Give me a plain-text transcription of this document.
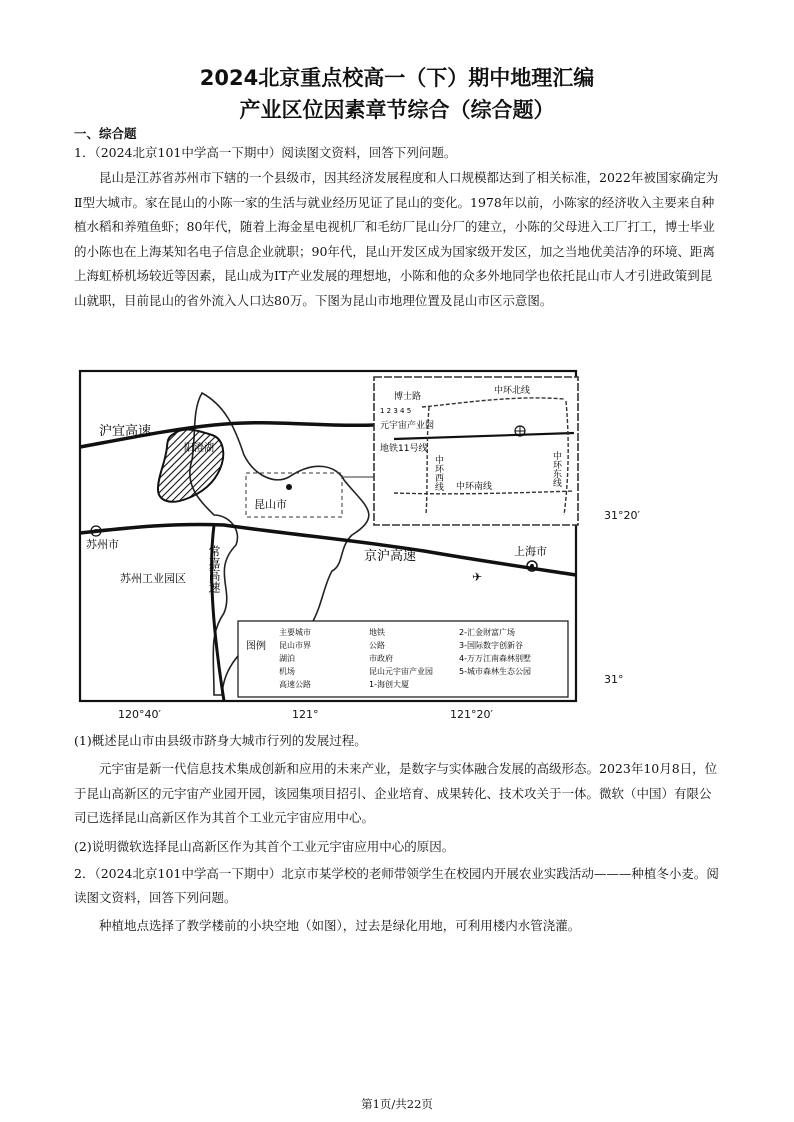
2024北京重点校高一（下）期中地理汇编
产业区位因素章节综合（综合题）
一、综合题
1．（2024北京101中学高一下期中）阅读图文资料，回答下列问题。
昆山是江苏省苏州市下辖的一个县级市，因其经济发展程度和人口规模都达到了相关标准，2022年被国家确定为Ⅱ型大城市。家在昆山的小陈一家的生活与就业经历见证了昆山的变化。1978年以前，小陈家的经济收入主要来自种植水稻和养殖鱼虾；80年代，随着上海金星电视机厂和毛纺厂昆山分厂的建立，小陈的父母进入工厂打工，博士毕业的小陈也在上海某知名电子信息企业就职；90年代，昆山开发区成为国家级开发区，加之当地优美洁净的环境、距离上海虹桥机场较近等因素，昆山成为IT产业发展的理想地，小陈和他的众多外地同学也依托昆山市人才引进政策到昆山就职，目前昆山的省外流入人口达80万。下图为昆山市地理位置及昆山市区示意图。
✈
沪宜高速
阳澄湖
昆山市
苏州市
苏州工业园区 常嘉高速	京沪高速	上海市
博士路
元宇宙产业园
地铁11号线
中环北线
中环南线
中环西线	中环东线
1 2 3 4 5
图例
主要城市
昆山市界
湖泊
机场
高速公路
地铁
公路
市政府
昆山元宇宙产业园
1-海创大厦
2-汇金财富广场
3-国际数字创新谷
4-万万江南森林别墅
5-城市森林生态公园
31°20′
31°
120°40′	121°	121°20′
(1)概述昆山市由县级市跻身大城市行列的发展过程。
元宇宙是新一代信息技术集成创新和应用的未来产业，是数字与实体融合发展的高级形态。2023年10月8日，位于昆山高新区的元宇宙产业园开园，该园集项目招引、企业培育、成果转化、技术攻关于一体。微软（中国）有限公司已选择昆山高新区作为其首个工业元宇宙应用中心。
(2)说明微软选择昆山高新区作为其首个工业元宇宙应用中心的原因。
2．（2024北京101中学高一下期中）北京市某学校的老师带领学生在校园内开展农业实践活动———种植冬小麦。阅读图文资料，回答下列问题。
种植地点选择了教学楼前的小块空地（如图），过去是绿化用地，可利用楼内水管浇灌。
第1页/共22页
